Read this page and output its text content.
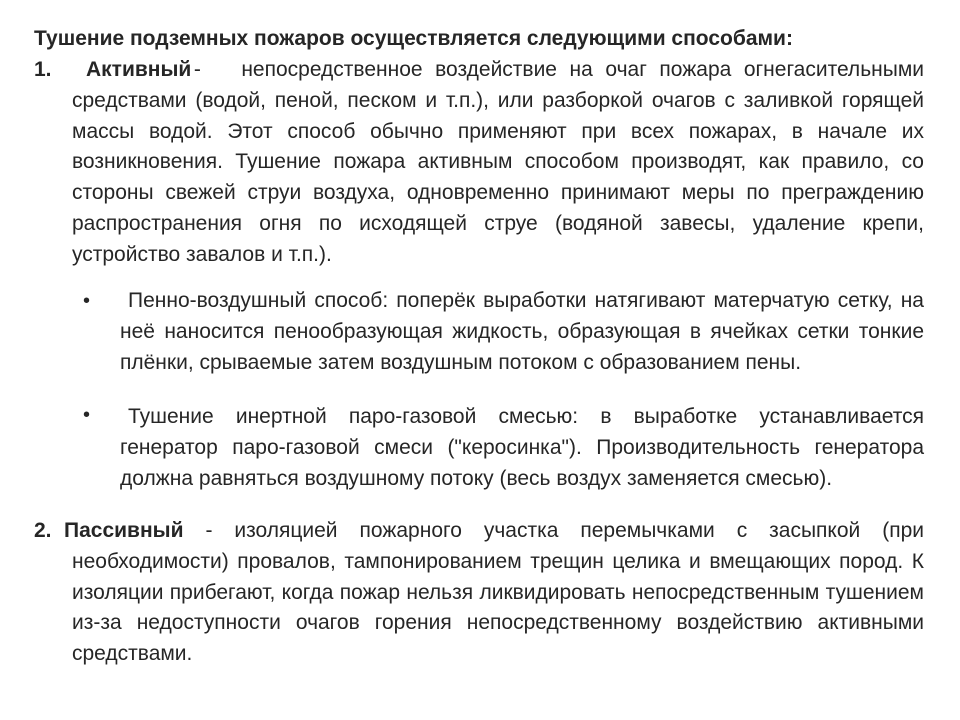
Тушение подземных пожаров осуществляется следующими способами:
1. Активный - непосредственное воздействие на очаг пожара огнегасительными средствами (водой, пеной, песком и т.п.), или разборкой очагов с заливкой горящей массы водой. Этот способ обычно применяют при всех пожарах, в начале их возникновения. Тушение пожара активным способом производят, как правило, со стороны свежей струи воздуха, одновременно принимают меры по преграждению распространения огня по исходящей струе (водяной завесы, удаление крепи, устройство завалов и т.п.).
•	Пенно-воздушный способ: поперёк выработки натягивают матерчатую сетку, на неё наносится пенообразующая жидкость, образующая в ячейках сетки тонкие плёнки, срываемые затем воздушным потоком с образованием пены.
•	Тушение инертной паро-газовой смесью: в выработке устанавливается генератор паро-газовой смеси ("керосинка"). Производительность генератора должна равняться воздушному потоку (весь воздух заменяется смесью).
2. Пассивный - изоляцией пожарного участка перемычками с засыпкой (при необходимости) провалов, тампонированием трещин целика и вмещающих пород. К изоляции прибегают, когда пожар нельзя ликвидировать непосредственным тушением из-за недоступности очагов горения непосредственному воздействию активными средствами.
